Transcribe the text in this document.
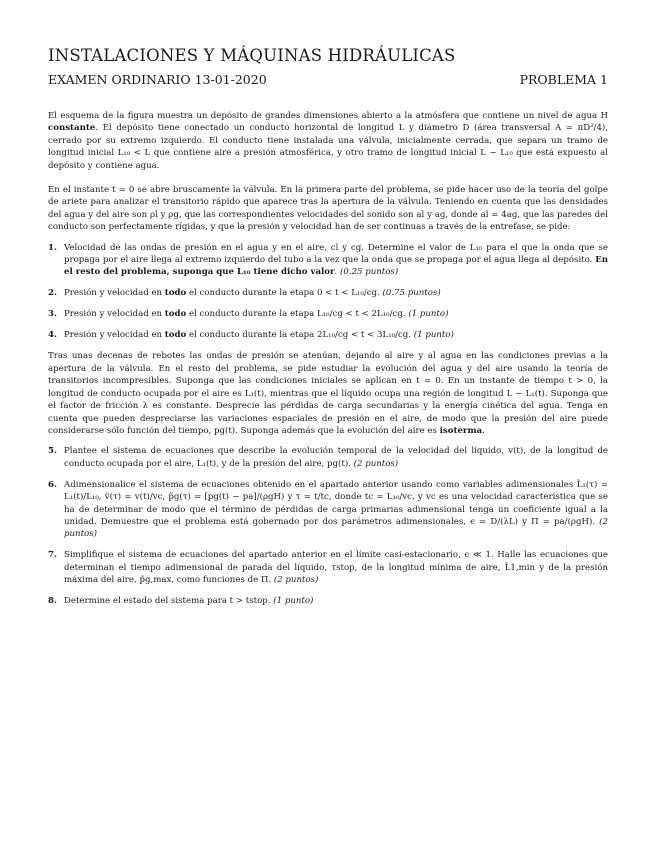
INSTALACIONES Y MÁQUINAS HIDRÁULICAS
EXAMEN ORDINARIO 13-01-2020	PROBLEMA 1

El esquema de la figura muestra un depósito de grandes dimensiones abierto a la atmósfera que contiene un nivel de agua H constante. El depósito tiene conectado un conducto horizontal de longitud L y diámetro D (área transversal A = πD²/4), cerrado por su extremo izquierdo. El conducto tiene instalada una válvula, inicialmente cerrada, que separa un tramo de longitud inicial L₁₀ < L que contiene aire a presión atmosférica, y otro tramo de longitud inicial L − L₁₀ que está expuesto al depósito y contiene agua.

En el instante t = 0 se abre bruscamente la válvula. En la primera parte del problema, se pide hacer uso de la teoría del golpe de ariete para analizar el transitorio rápido que aparece tras la apertura de la válvula. Teniendo en cuenta que las densidades del agua y del aire son ρl y ρg, que las correspondientes velocidades del sonido son al y ag, donde al = 4ag, que las paredes del conducto son perfectamente rígidas, y que la presión y velocidad han de ser continuas a través de la entrefase, se pide:

1. Velocidad de las ondas de presión en el agua y en el aire, cl y cg. Determine el valor de L₁₀ para el que la onda que se propaga por el aire llega al extremo izquierdo del tubo a la vez que la onda que se propaga por el agua llega al depósito. En el resto del problema, suponga que L₁₀ tiene dicho valor. (0.25 puntos)
2. Presión y velocidad en todo el conducto durante la etapa 0 < t < L₁₀/cg. (0.75 puntos)
3. Presión y velocidad en todo el conducto durante la etapa L₁₀/cg < t < 2L₁₀/cg. (1 punto)
4. Presión y velocidad en todo el conducto durante la etapa 2L₁₀/cg < t < 3L₁₀/cg. (1 punto)

Tras unas decenas de rebotes las ondas de presión se atenúan, dejando al aire y al agua en las condiciones previas a la apertura de la válvula. En el resto del problema, se pide estudiar la evolución del agua y del aire usando la teoría de transitorios incompresibles. Suponga que las condiciones iniciales se aplican en t = 0. En un instante de tiempo t > 0, la longitud de conducto ocupada por el aire es L₁(t), mientras que el líquido ocupa una región de longitud L − L₁(t). Suponga que el factor de fricción λ es constante. Desprecie las pérdidas de carga secundarias y la energía cinética del agua. Tenga en cuenta que pueden despreciarse las variaciones espaciales de presión en el aire, de modo que la presión del aire puede considerarse sólo función del tiempo, pg(t). Suponga además que la evolución del aire es isoterma.

5. Plantee el sistema de ecuaciones que describe la evolución temporal de la velocidad del líquido, v(t), de la longitud de conducto ocupada por el aire, L₁(t), y de la presión del aire, pg(t). (2 puntos)
6. Adimensionalice el sistema de ecuaciones obtenido en el apartado anterior usando como variables adimensionales L̃₁(τ) = L₁(t)/L₁₀, ṽ(τ) = v(t)/vc, p̃g(τ) = [pg(t) − pa]/(ρgH) y τ = t/tc, donde tc = L₁₀/vc, y vc es una velocidad característica que se ha de determinar de modo que el término de pérdidas de carga primarias adimensional tenga un coeficiente igual a la unidad. Demuestre que el problema está gobernado por dos parámetros adimensionales, ϵ = D/(λL) y Π = pa/(ρgH). (2 puntos)
7. Simplifique el sistema de ecuaciones del apartado anterior en el límite casi-estacionario, ϵ ≪ 1. Halle las ecuaciones que determinan el tiempo adimensional de parada del líquido, τstop, de la longitud mínima de aire, L̃1,min y de la presión máxima del aire, p̃g,max, como funciones de Π. (2 puntos)
8. Determine el estado del sistema para t > tstop. (1 punto)
